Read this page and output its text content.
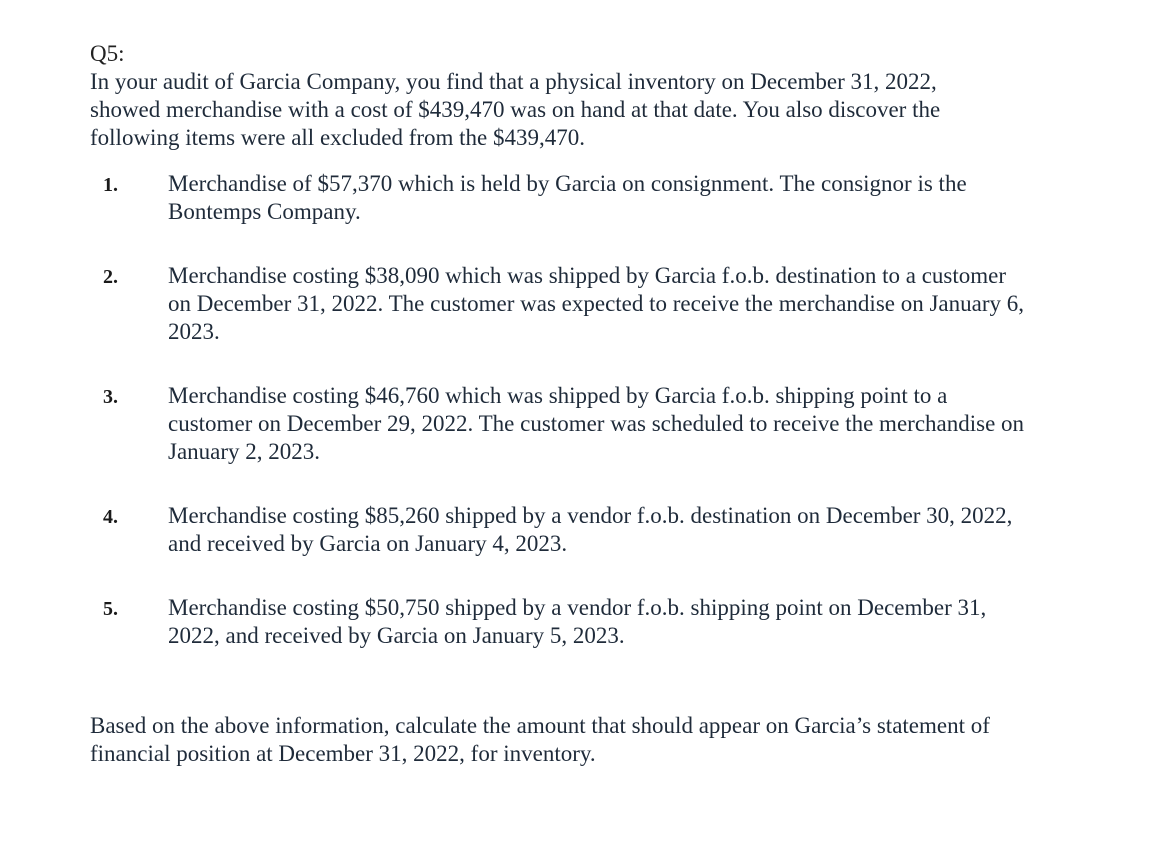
Q5:
In your audit of Garcia Company, you find that a physical inventory on December 31, 2022, showed merchandise with a cost of $439,470 was on hand at that date. You also discover the following items were all excluded from the $439,470.
1. Merchandise of $57,370 which is held by Garcia on consignment. The consignor is the Bontemps Company.
2. Merchandise costing $38,090 which was shipped by Garcia f.o.b. destination to a customer on December 31, 2022. The customer was expected to receive the merchandise on January 6, 2023.
3. Merchandise costing $46,760 which was shipped by Garcia f.o.b. shipping point to a customer on December 29, 2022. The customer was scheduled to receive the merchandise on January 2, 2023.
4. Merchandise costing $85,260 shipped by a vendor f.o.b. destination on December 30, 2022, and received by Garcia on January 4, 2023.
5. Merchandise costing $50,750 shipped by a vendor f.o.b. shipping point on December 31, 2022, and received by Garcia on January 5, 2023.
Based on the above information, calculate the amount that should appear on Garcia’s statement of financial position at December 31, 2022, for inventory.
